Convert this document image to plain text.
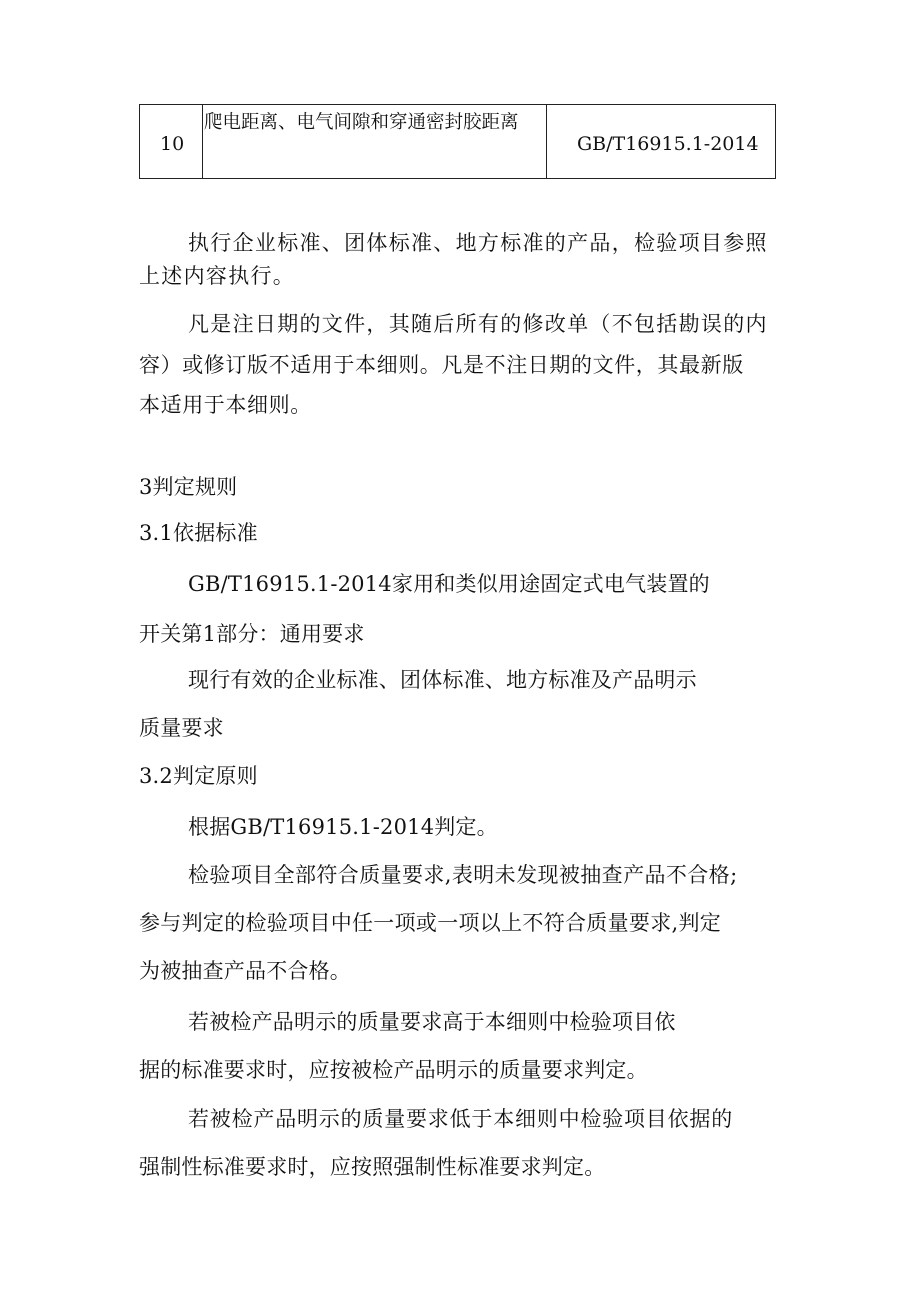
10
爬电距离、电气间隙和穿通密封胶距离
GB/T16915.1-2014
执行企业标准、团体标准、地方标准的产品，检验项目参照
上述内容执行。
凡是注日期的文件，其随后所有的修改单（不包括勘误的内
容）或修订版不适用于本细则。凡是不注日期的文件，其最新版
本适用于本细则。
3判定规则
3.1依据标准
GB/T16915.1-2014家用和类似用途固定式电气装置的
开关第1部分：通用要求
现行有效的企业标准、团体标准、地方标准及产品明示
质量要求
3.2判定原则
根据GB/T16915.1-2014判定。
检验项目全部符合质量要求,表明未发现被抽查产品不合格;
参与判定的检验项目中任一项或一项以上不符合质量要求,判定
为被抽查产品不合格。
若被检产品明示的质量要求高于本细则中检验项目依
据的标准要求时，应按被检产品明示的质量要求判定。
若被检产品明示的质量要求低于本细则中检验项目依据的
强制性标准要求时，应按照强制性标准要求判定。
